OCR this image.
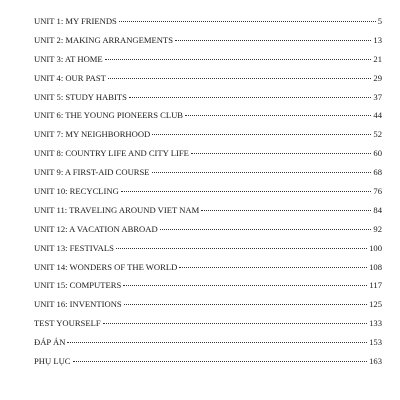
UNIT 1: MY FRIENDS	5
UNIT 2: MAKING ARRANGEMENTS	13
UNIT 3: AT HOME	21
UNIT 4: OUR PAST	29
UNIT 5: STUDY HABITS	37
UNIT 6: THE YOUNG PIONEERS CLUB	44
UNIT 7: MY NEIGHBORHOOD	52
UNIT 8: COUNTRY LIFE AND CITY LIFE	60
UNIT 9: A FIRST-AID COURSE	68
UNIT 10: RECYCLING	76
UNIT 11: TRAVELING AROUND VIET NAM	84
UNIT 12: A VACATION ABROAD	92
UNIT 13: FESTIVALS	100
UNIT 14: WONDERS OF THE WORLD	108
UNIT 15: COMPUTERS	117
UNIT 16: INVENTIONS	125
TEST YOURSELF	133
ĐÁP ÁN	153
PHỤ LỤC	163
